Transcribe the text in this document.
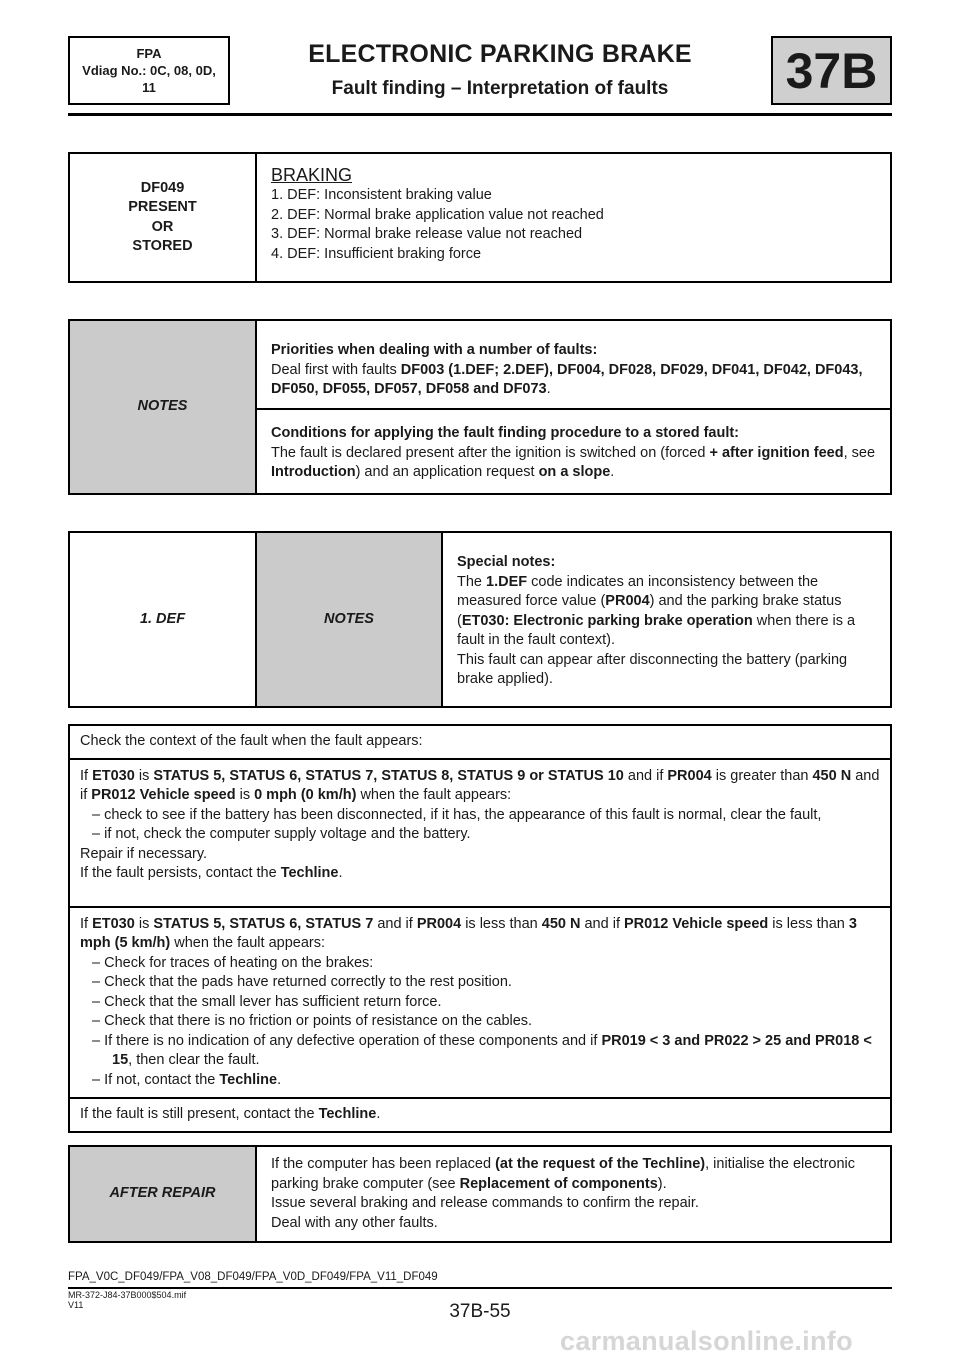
FPA
Vdiag No.: 0C, 08, 0D,
11
ELECTRONIC PARKING BRAKE
Fault finding – Interpretation of faults	37B
DF049
PRESENT
OR
STORED

BRAKING
1. DEF: Inconsistent braking value
2. DEF: Normal brake application value not reached
3. DEF: Normal brake release value not reached
4. DEF: Insufficient braking force
NOTES	
Priorities when dealing with a number of faults:
Deal first with faults DF003 (1.DEF; 2.DEF), DF004, DF028, DF029, DF041, DF042, DF043, DF050, DF055, DF057, DF058 and DF073.

Conditions for applying the fault finding procedure to a stored fault:
The fault is declared present after the ignition is switched on (forced + after ignition feed, see Introduction) and an application request on a slope.
1. DEF	NOTES	
Special notes:
The 1.DEF code indicates an inconsistency between the measured force value (PR004) and the parking brake status (ET030: Electronic parking brake operation when there is a fault in the fault context).
This fault can appear after disconnecting the battery (parking brake applied).
Check the context of the fault when the fault appears:

If ET030 is STATUS 5, STATUS 6, STATUS 7, STATUS 8, STATUS 9 or STATUS 10 and if PR004 is greater than 450 N and if PR012 Vehicle speed is 0 mph (0 km/h) when the fault appears:
– check to see if the battery has been disconnected, if it has, the appearance of this fault is normal, clear the fault,
– if not, check the computer supply voltage and the battery.
Repair if necessary.
If the fault persists, contact the Techline.

If ET030 is STATUS 5, STATUS 6, STATUS 7 and if PR004 is less than 450 N and if PR012 Vehicle speed is less than 3 mph (5 km/h) when the fault appears:
– Check for traces of heating on the brakes:
– Check that the pads have returned correctly to the rest position.
– Check that the small lever has sufficient return force.
– Check that there is no friction or points of resistance on the cables.
– If there is no indication of any defective operation of these components and if PR019 < 3 and PR022 > 25 and PR018 < 15, then clear the fault.
– If not, contact the Techline.

If the fault is still present, contact the Techline.
AFTER REPAIR	
If the computer has been replaced (at the request of the Techline), initialise the electronic parking brake computer (see Replacement of components).
Issue several braking and release commands to confirm the repair.
Deal with any other faults.
FPA_V0C_DF049/FPA_V08_DF049/FPA_V0D_DF049/FPA_V11_DF049
MR-372-J84-37B000$504.mif
V11	37B-55
carmanualsonline.info
